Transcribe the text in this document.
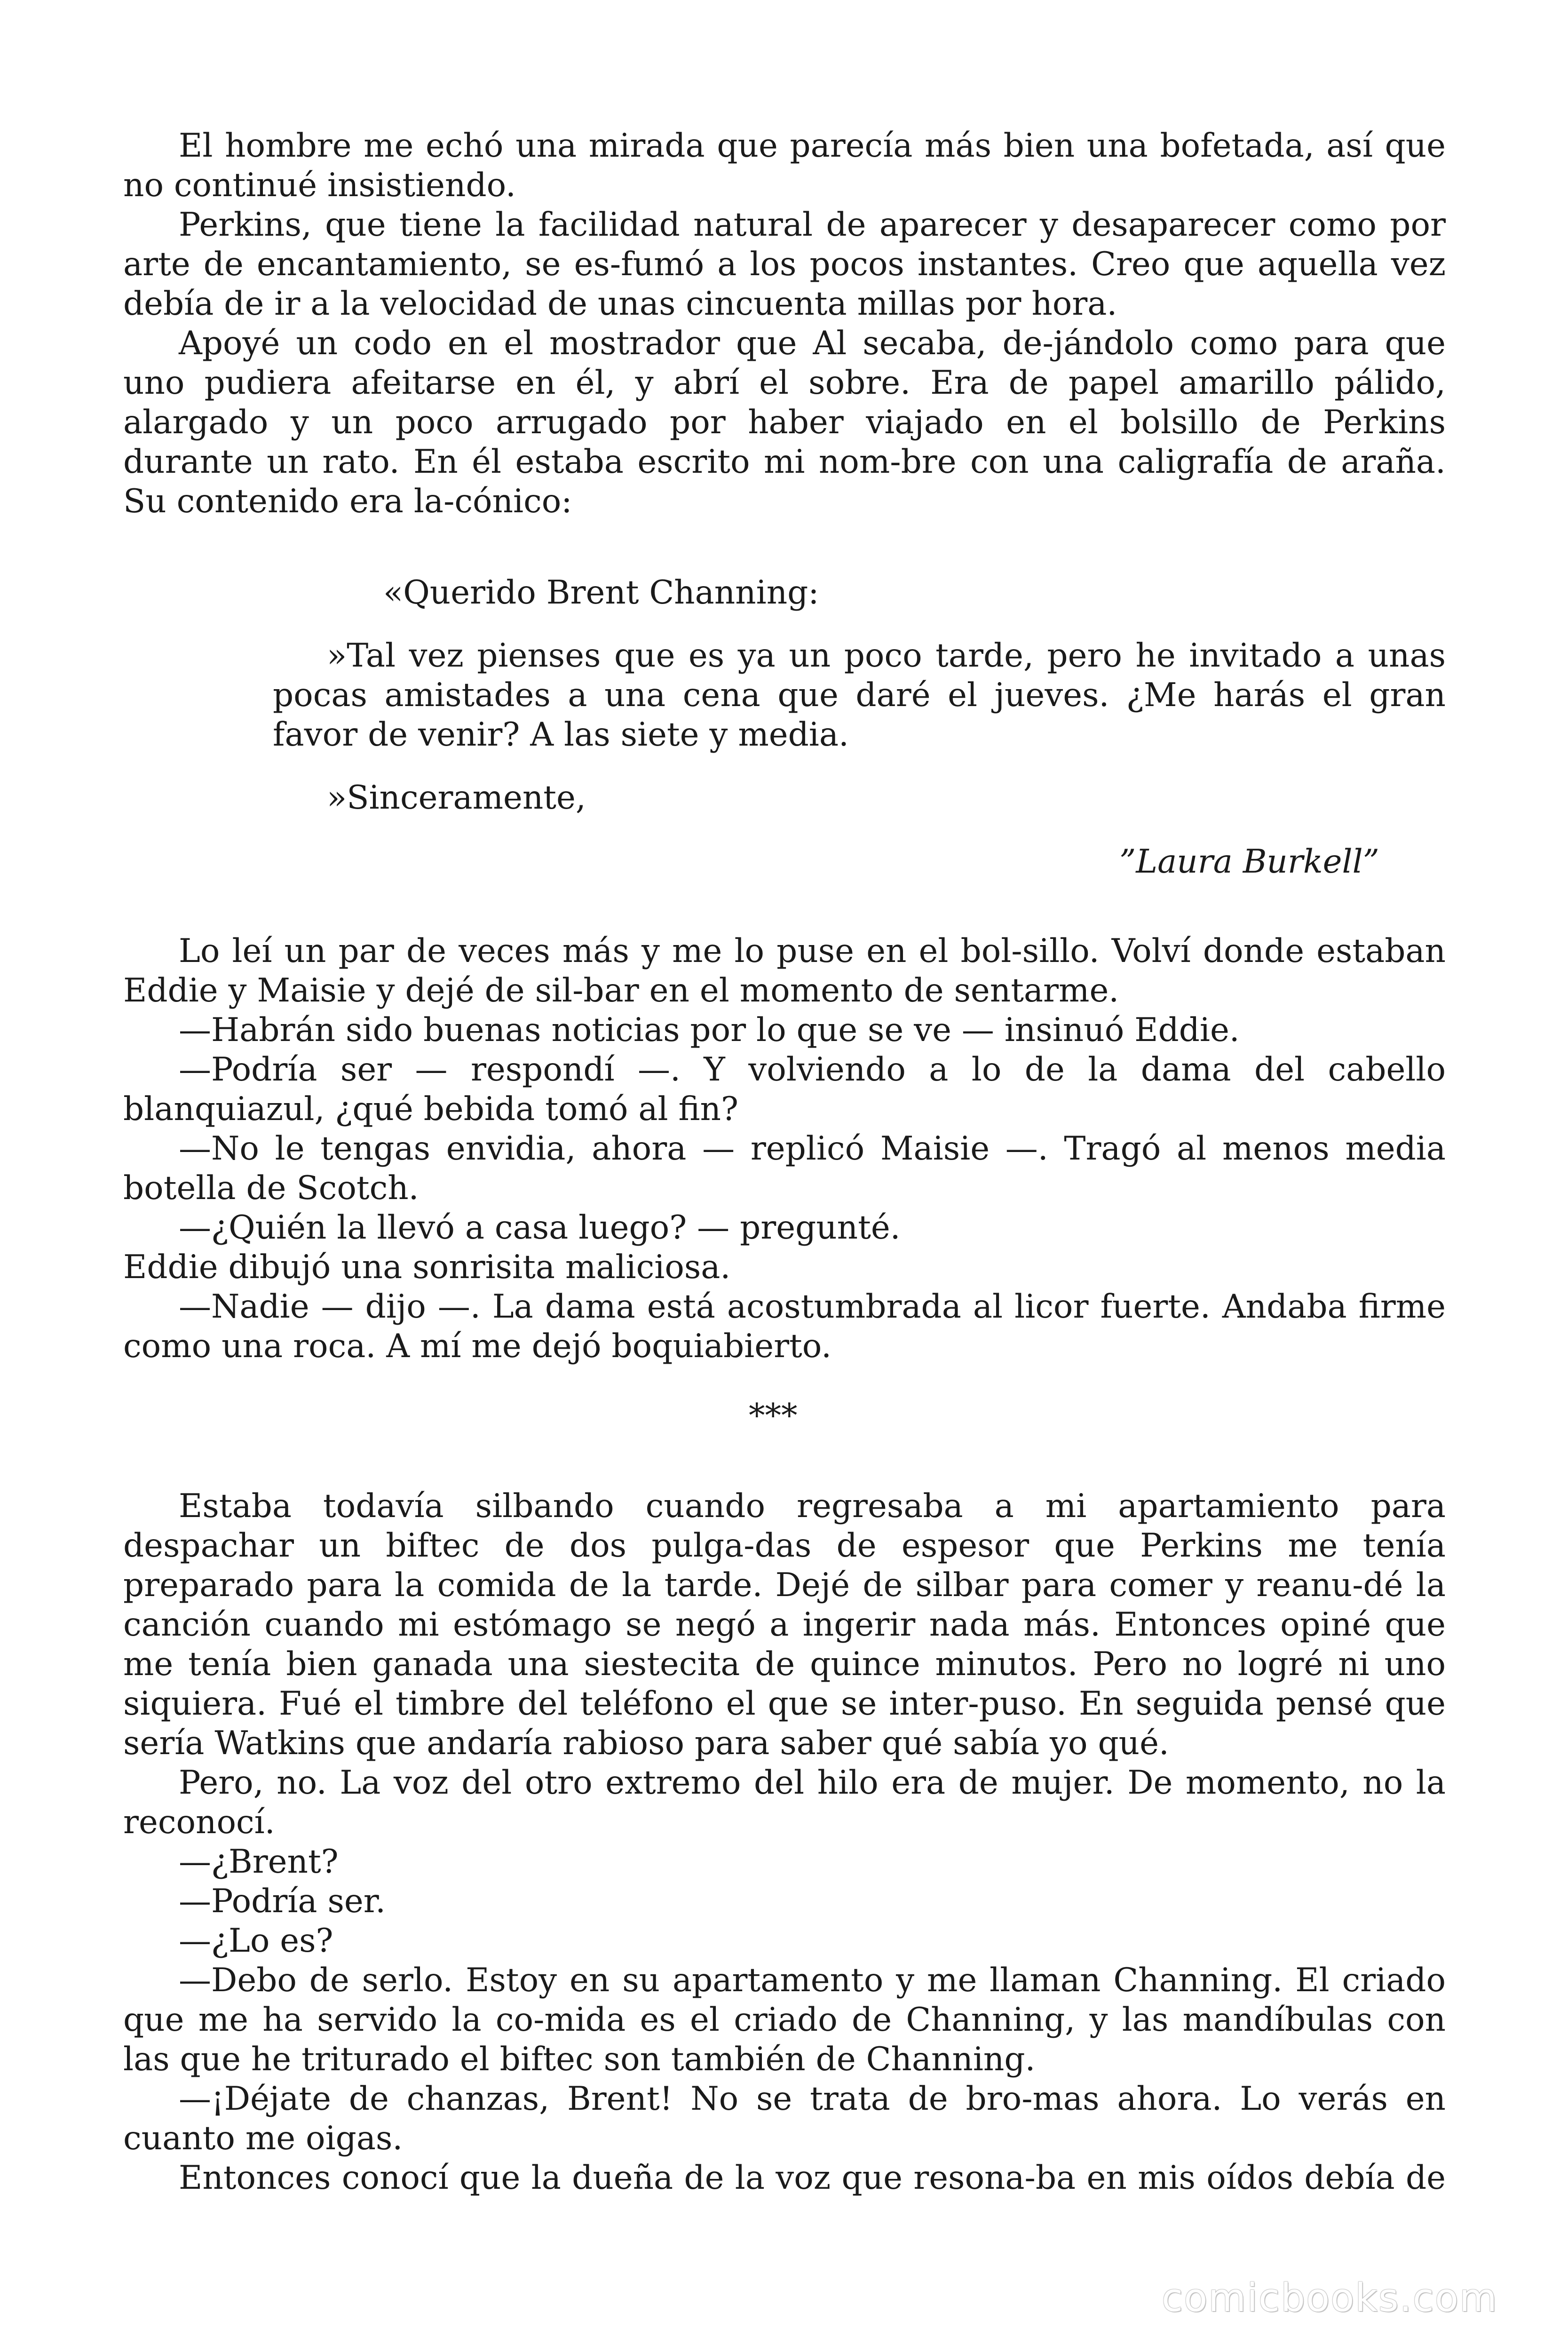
El hombre me echó una mirada que parecía más bien una bofetada, así que
no continué insistiendo.
Perkins, que tiene la facilidad natural de aparecer y desaparecer como por
arte de encantamiento, se es-fumó a los pocos instantes. Creo que aquella vez
debía de ir a la velocidad de unas cincuenta millas por hora.
Apoyé un codo en el mostrador que Al secaba, de-jándolo como para que
uno pudiera afeitarse en él, y abrí el sobre. Era de papel amarillo pálido,
alargado y un poco arrugado por haber viajado en el bolsillo de Perkins
durante un rato. En él estaba escrito mi nom-bre con una caligrafía de araña.
Su contenido era la-cónico:
«Querido Brent Channing:
»Tal vez pienses que es ya un poco tarde, pero he invitado a unas
pocas amistades a una cena que daré el jueves. ¿Me harás el gran
favor de venir? A las siete y media.
»Sinceramente,
”Laura Burkell”
Lo leí un par de veces más y me lo puse en el bol-sillo. Volví donde estaban
Eddie y Maisie y dejé de sil-bar en el momento de sentarme.
—Habrán sido buenas noticias por lo que se ve — insinuó Eddie.
—Podría ser — respondí —. Y volviendo a lo de la dama del cabello
blanquiazul, ¿qué bebida tomó al fin?
—No le tengas envidia, ahora — replicó Maisie —. Tragó al menos media
botella de Scotch.
—¿Quién la llevó a casa luego? — pregunté.
Eddie dibujó una sonrisita maliciosa.
—Nadie — dijo —. La dama está acostumbrada al licor fuerte. Andaba firme
como una roca. A mí me dejó boquiabierto.
***
Estaba todavía silbando cuando regresaba a mi apartamiento para
despachar un biftec de dos pulga-das de espesor que Perkins me tenía
preparado para la comida de la tarde. Dejé de silbar para comer y reanu-dé la
canción cuando mi estómago se negó a ingerir nada más. Entonces opiné que
me tenía bien ganada una siestecita de quince minutos. Pero no logré ni uno
siquiera. Fué el timbre del teléfono el que se inter-puso. En seguida pensé que
sería Watkins que andaría rabioso para saber qué sabía yo qué.
Pero, no. La voz del otro extremo del hilo era de mujer. De momento, no la
reconocí.
—¿Brent?
—Podría ser.
—¿Lo es?
—Debo de serlo. Estoy en su apartamento y me llaman Channing. El criado
que me ha servido la co-mida es el criado de Channing, y las mandíbulas con
las que he triturado el biftec son también de Channing.
—¡Déjate de chanzas, Brent! No se trata de bro-mas ahora. Lo verás en
cuanto me oigas.
Entonces conocí que la dueña de la voz que resona-ba en mis oídos debía de
comicbooks.com
